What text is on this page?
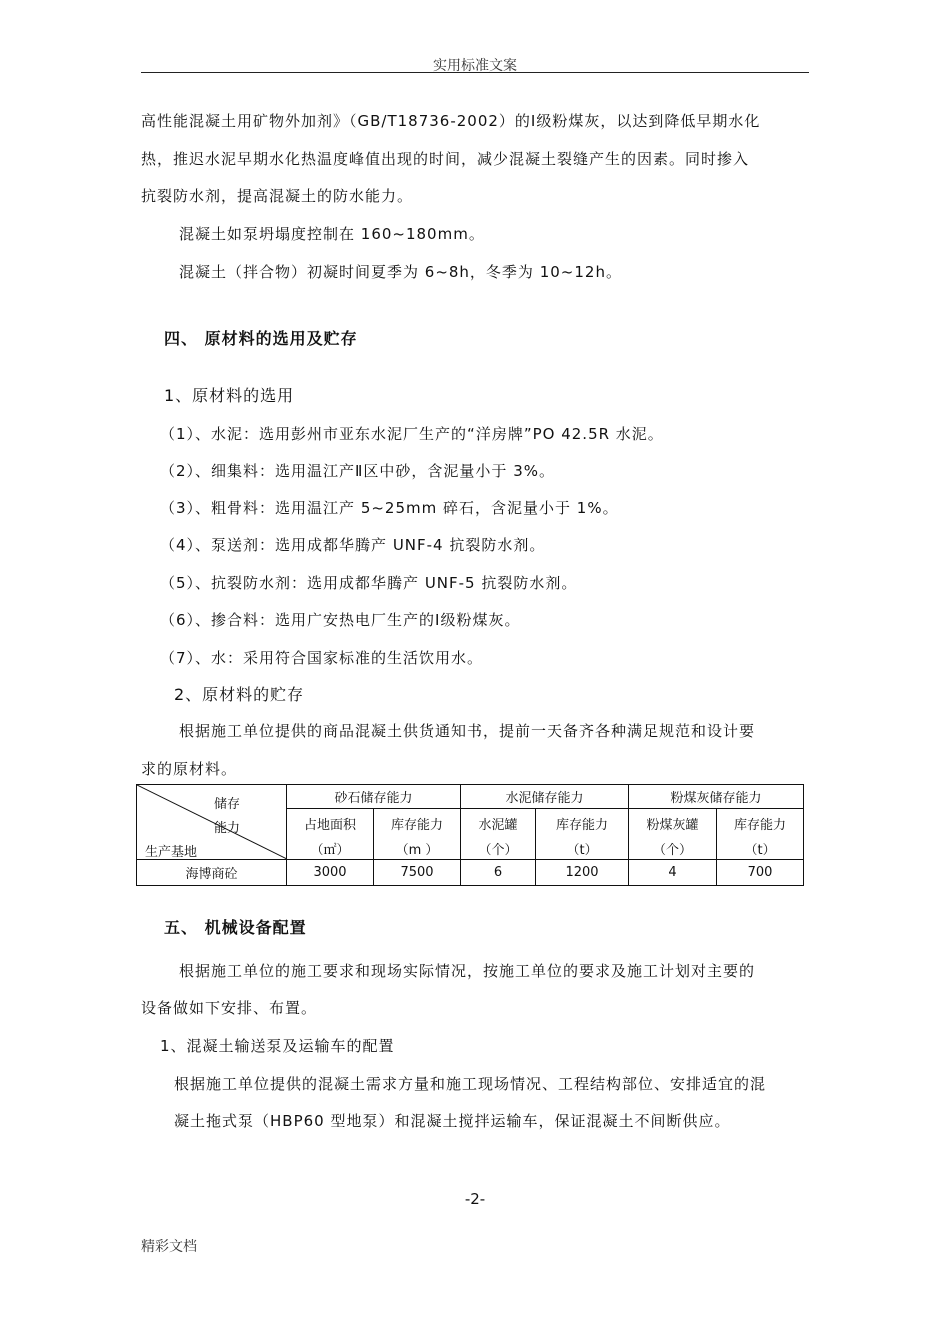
实用标准文案
高性能混凝土用矿物外加剂》（GB/T18736-2002）的Ⅰ级粉煤灰，以达到降低早期水化
热，推迟水泥早期水化热温度峰值出现的时间，减少混凝土裂缝产生的因素。同时掺入
抗裂防水剂，提高混凝土的防水能力。
混凝土如泵坍塌度控制在 160~180mm。
混凝土（拌合物）初凝时间夏季为 6~8h，冬季为 10~12h。
四、 原材料的选用及贮存
1、原材料的选用
（1）、水泥：选用彭州市亚东水泥厂生产的“洋房牌”PO 42.5R 水泥。
（2）、细集料：选用温江产Ⅱ区中砂，含泥量小于 3%。
（3）、粗骨料：选用温江产 5~25mm 碎石，含泥量小于 1%。
（4）、泵送剂：选用成都华腾产 UNF-4 抗裂防水剂。
（5）、抗裂防水剂：选用成都华腾产 UNF-5 抗裂防水剂。
（6）、掺合料：选用广安热电厂生产的Ⅰ级粉煤灰。
（7）、水：采用符合国家标准的生活饮用水。
2、原材料的贮存
根据施工单位提供的商品混凝土供货通知书，提前一天备齐各种满足规范和设计要
求的原材料。
储存
能力
生产基地	砂石储存能力		水泥储存能力		粉煤灰储存能力	
	占地面积	库存能力	水泥罐	库存能力	粉煤灰罐	库存能力
	（㎡）	（m ）	（个）	（t）	（个）	（t）
海博商砼	3000	7500	6	1200	4	700
五、 机械设备配置
根据施工单位的施工要求和现场实际情况，按施工单位的要求及施工计划对主要的
设备做如下安排、布置。
1、混凝土输送泵及运输车的配置
根据施工单位提供的混凝土需求方量和施工现场情况、工程结构部位、安排适宜的混
凝土拖式泵（HBP60 型地泵）和混凝土搅拌运输车，保证混凝土不间断供应。
-2-
精彩文档
